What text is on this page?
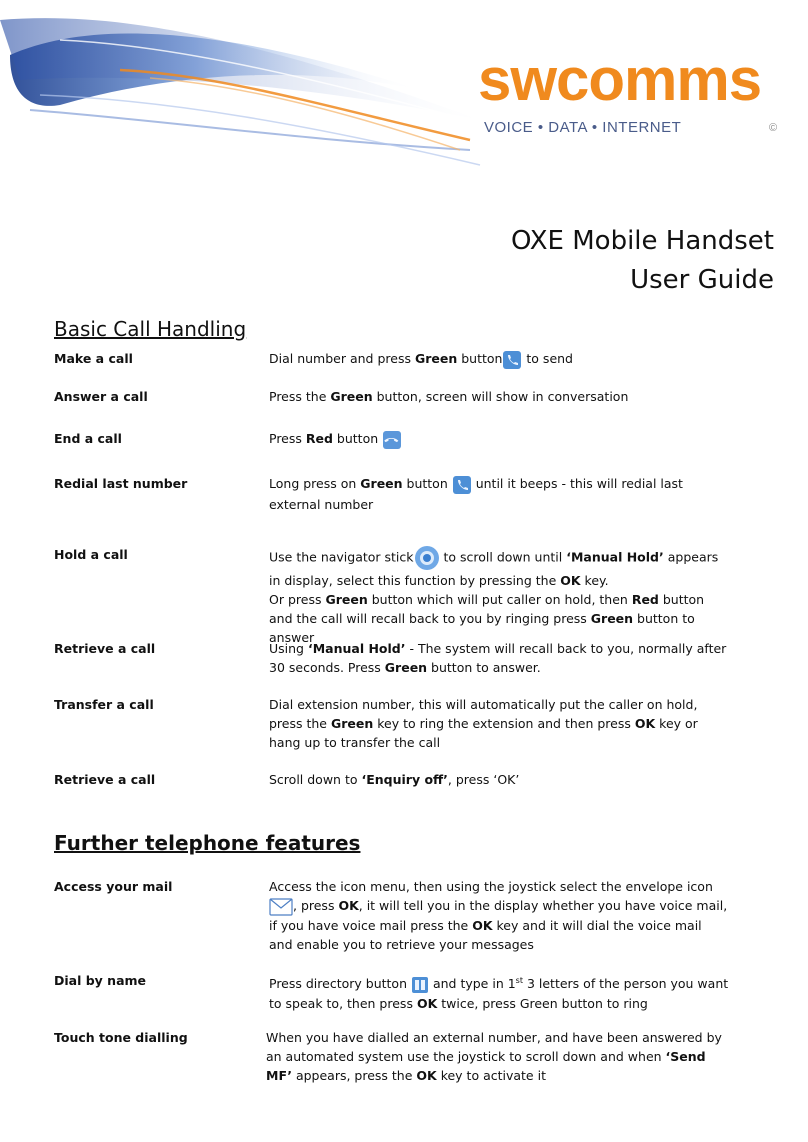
swcomms
VOICE • DATA • INTERNET	©
OXE Mobile Handset
User Guide
Basic Call Handling
Make a call	Dial number and press Green button to send
Answer a call	Press the Green button, screen will show in conversation
End a call	Press Red button
Redial last number	Long press on Green button  until it beeps - this will redial last external number
Hold a call	Use the navigator stick to scroll down until ‘Manual Hold’ appears in display, select this function by pressing the OK key.
Or press Green button which will put caller on hold, then Red button and the call will recall back to you by ringing press Green button to answer
Retrieve a call	Using ‘Manual Hold’ - The system will recall back to you, normally after 30 seconds. Press Green button to answer.
Transfer a call	Dial extension number, this will automatically put the caller on hold, press the Green key to ring the extension and then press OK key or hang up to transfer the call
Retrieve a call	Scroll down to ‘Enquiry off’, press ‘OK’
Further telephone features
Access your mail	Access the icon menu, then using the joystick select the envelope icon , press OK, it will tell you in the display whether you have voice mail, if you have voice mail press the OK key and it will dial the voice mail and enable you to retrieve your messages
Dial by name	Press directory button  and type in 1st 3 letters of the person you want to speak to, then press OK twice, press Green button to ring
Touch tone dialling	When you have dialled an external number, and have been answered by an automated system use the joystick to scroll down and when ‘Send MF’ appears, press the OK key to activate it
